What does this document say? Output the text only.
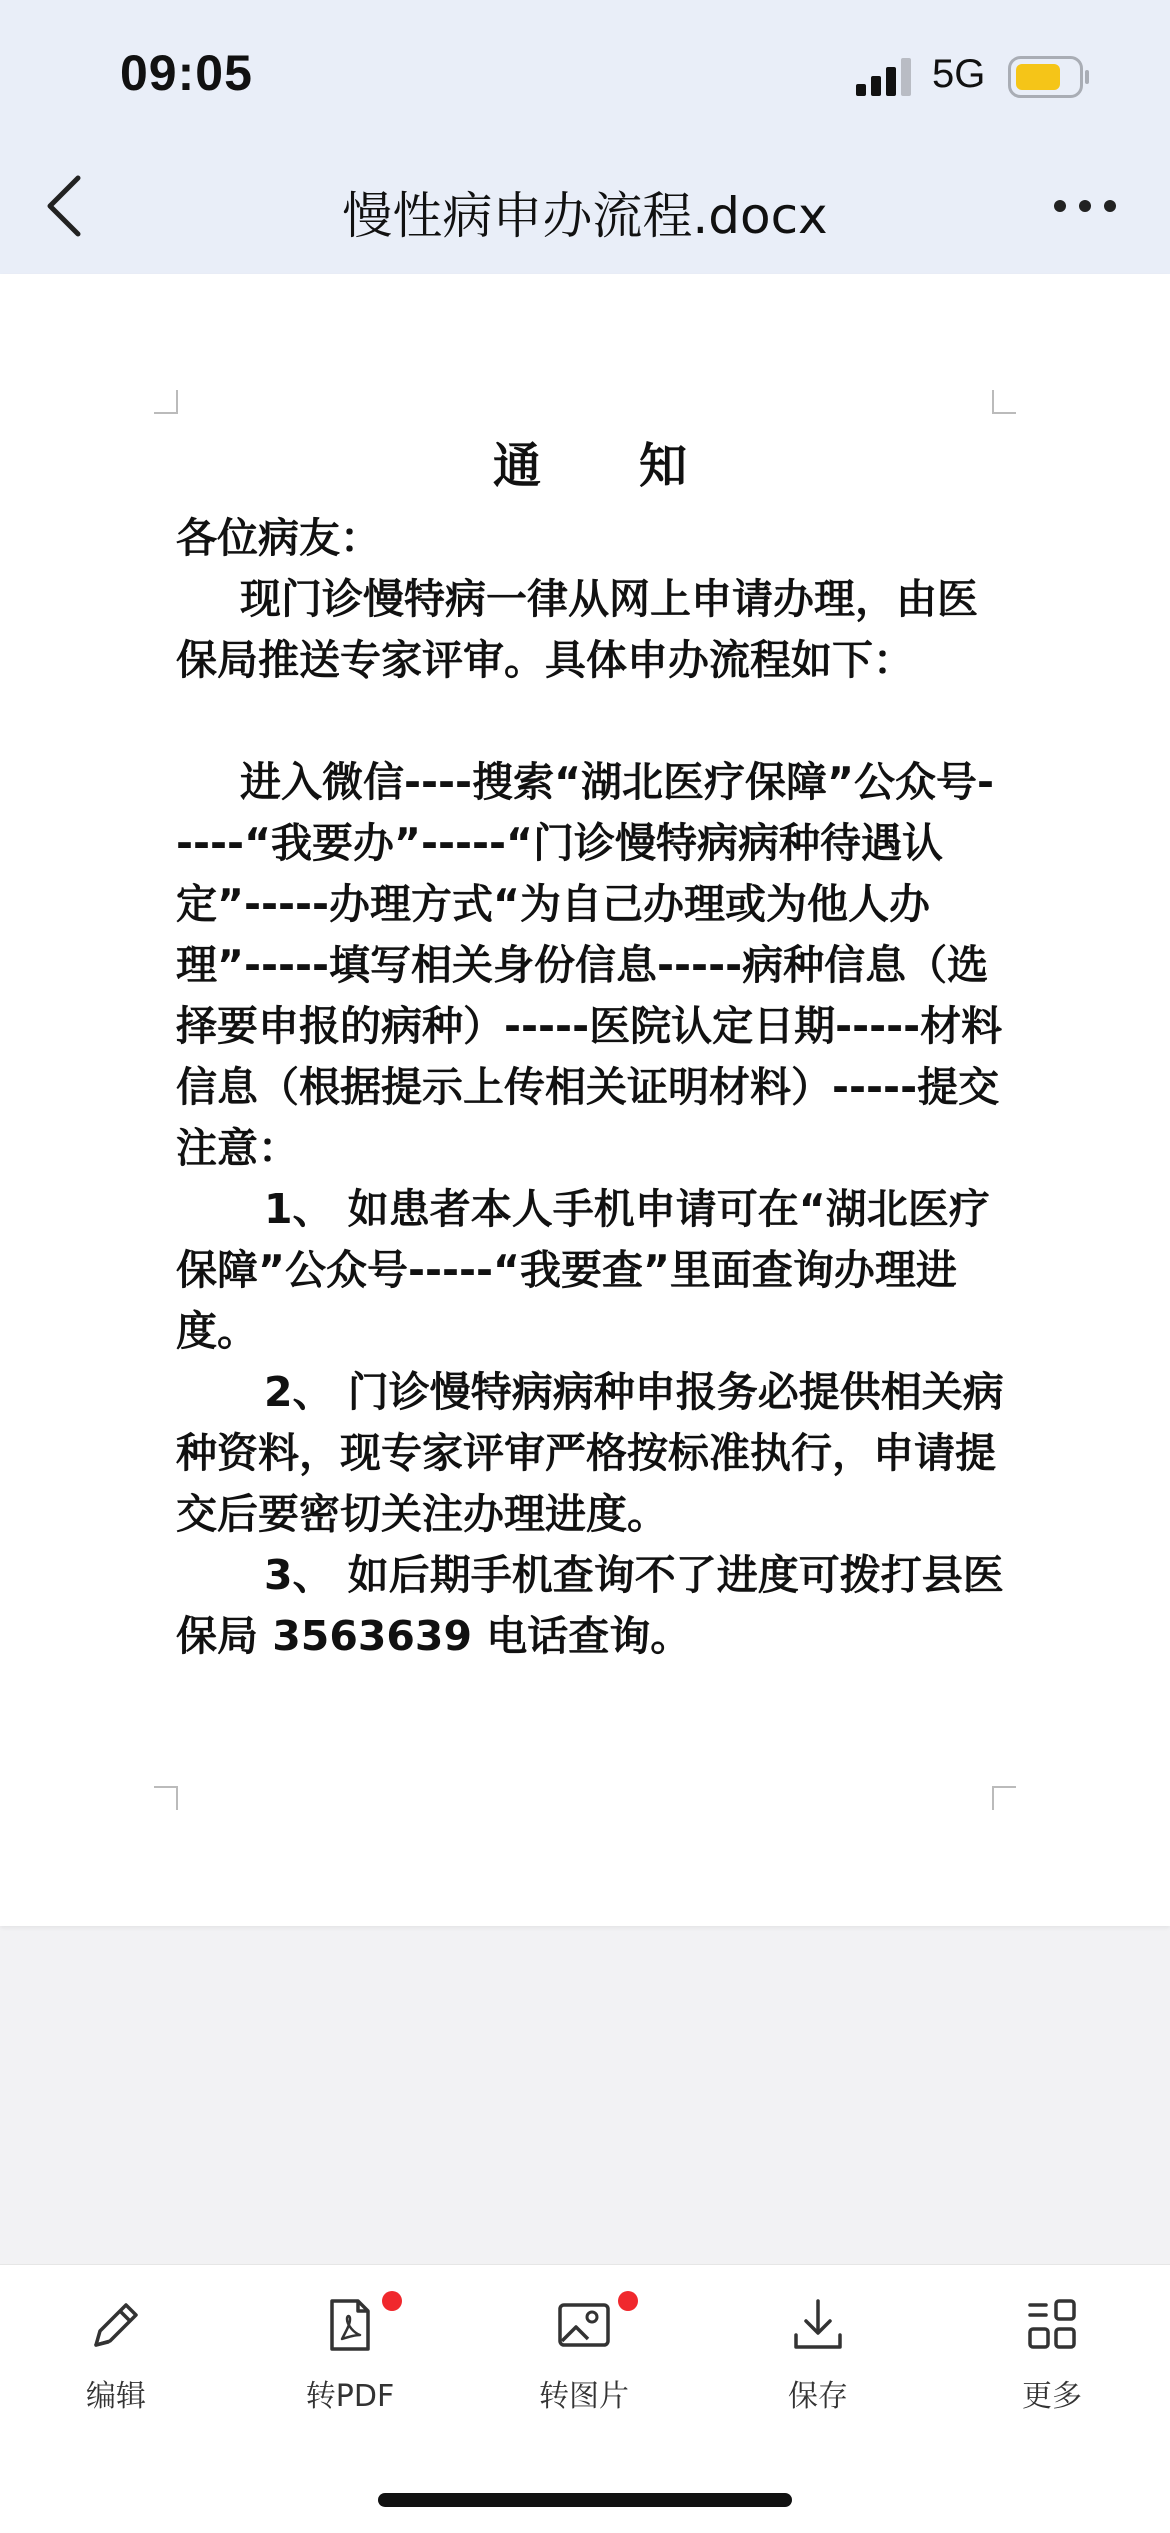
09:05	5G
慢性病申办流程.docx
通 知

各位病友：

现门诊慢特病一律从网上申请办理，由医保局推送专家评审。具体申办流程如下：

进入微信----搜索“湖北医疗保障”公众号-----“我要办”-----“门诊慢特病病种待遇认定”-----办理方式“为自己办理或为他人办理”-----填写相关身份信息-----病种信息（选择要申报的病种）-----医院认定日期-----材料信息（根据提示上传相关证明材料）-----提交

注意：

1、 如患者本人手机申请可在“湖北医疗保障”公众号-----“我要查”里面查询办理进度。

2、 门诊慢特病病种申报务必提供相关病种资料，现专家评审严格按标准执行，申请提交后要密切关注办理进度。

3、 如后期手机查询不了进度可拨打县医保局 3563639 电话查询。

编辑	转PDF	转图片	保存	更多
